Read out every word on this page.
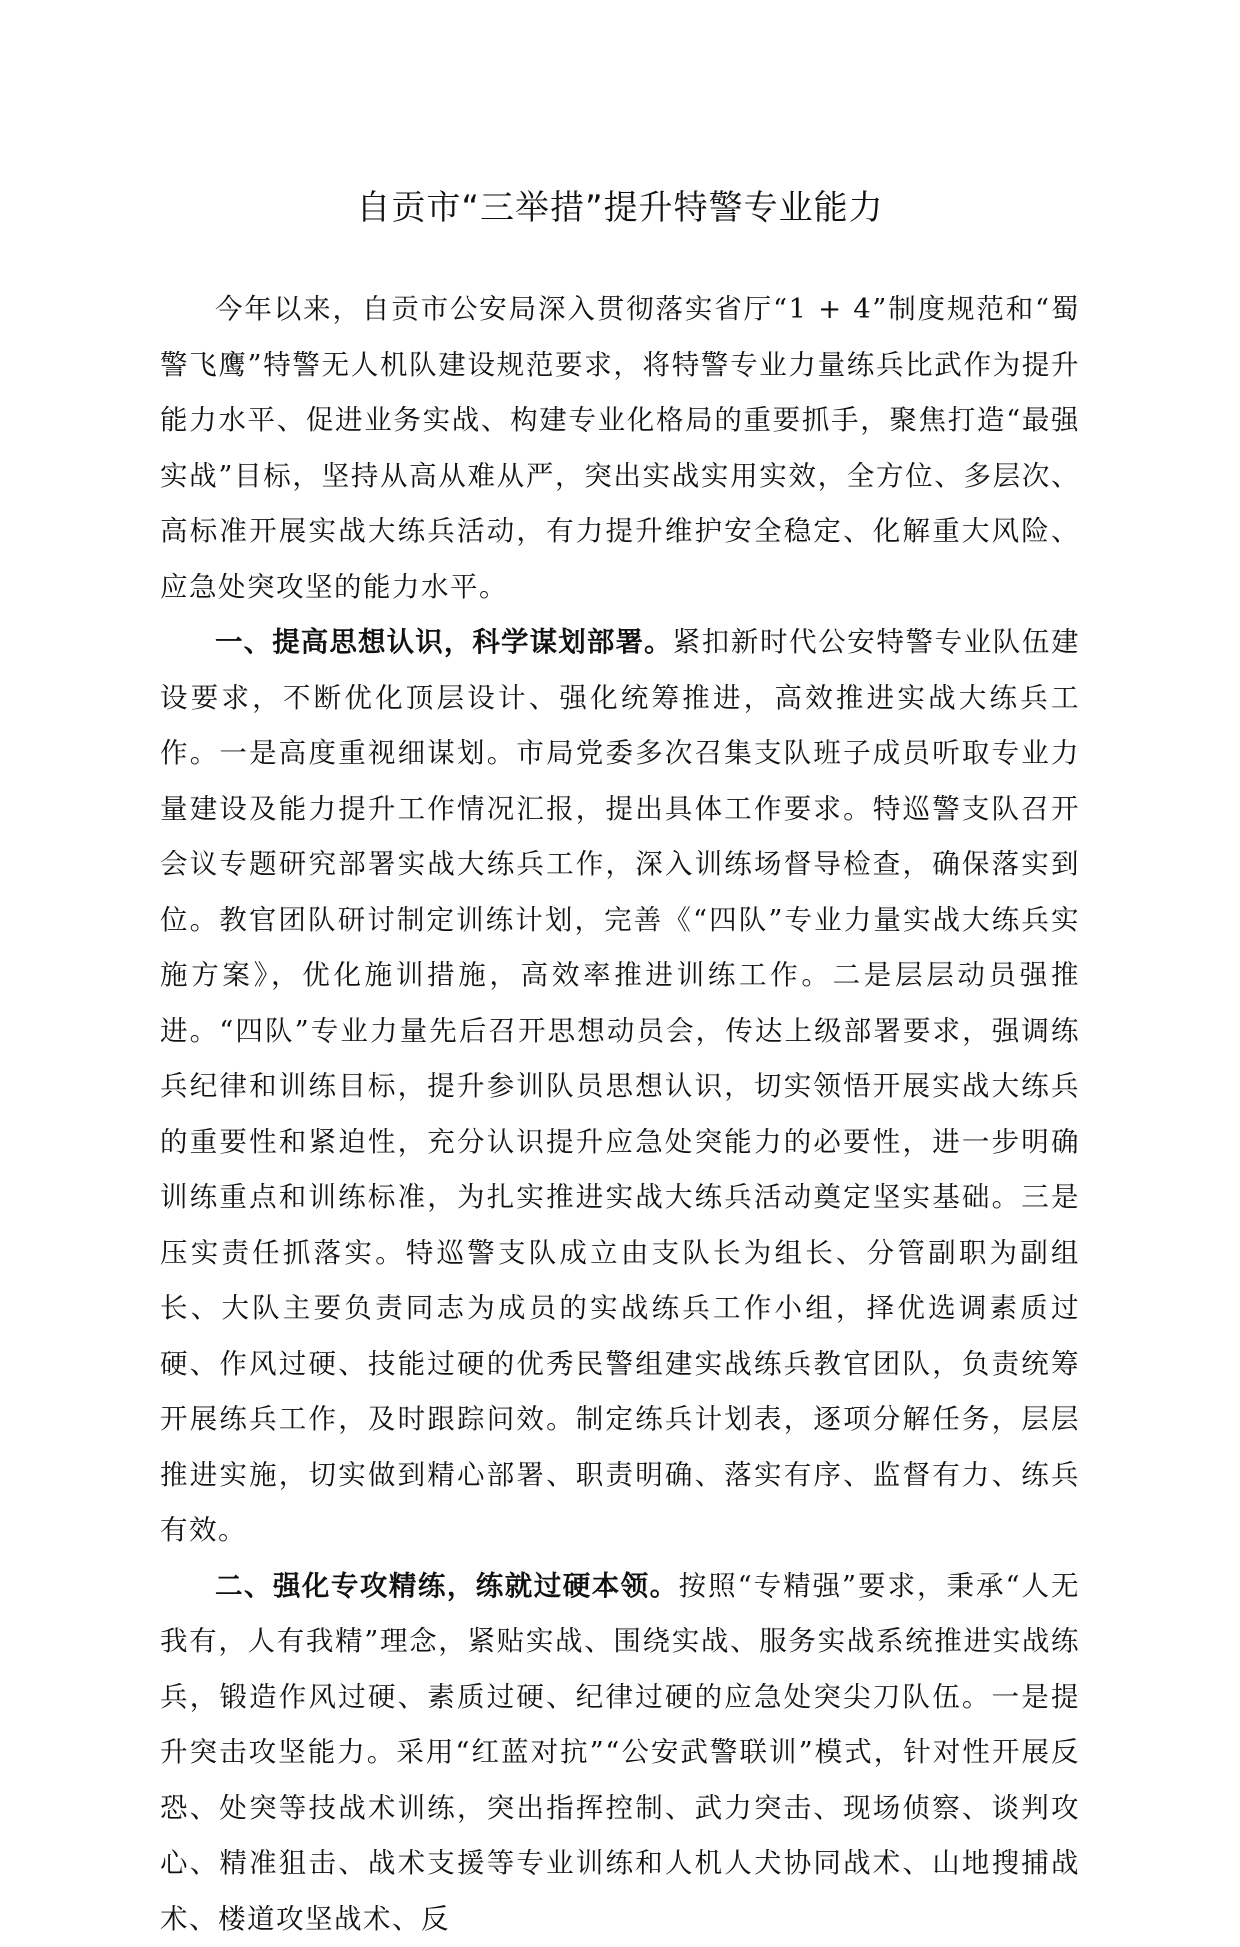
自贡市“三举措”提升特警专业能力

今年以来，自贡市公安局深入贯彻落实省厅“1 + 4”制度规范和“蜀警飞鹰”特警无人机队建设规范要求，将特警专业力量练兵比武作为提升能力水平、促进业务实战、构建专业化格局的重要抓手，聚焦打造“最强实战”目标，坚持从高从难从严，突出实战实用实效，全方位、多层次、高标准开展实战大练兵活动，有力提升维护安全稳定、化解重大风险、应急处突攻坚的能力水平。

一、提高思想认识，科学谋划部署。紧扣新时代公安特警专业队伍建设要求，不断优化顶层设计、强化统筹推进，高效推进实战大练兵工作。一是高度重视细谋划。市局党委多次召集支队班子成员听取专业力量建设及能力提升工作情况汇报，提出具体工作要求。特巡警支队召开会议专题研究部署实战大练兵工作，深入训练场督导检查，确保落实到位。教官团队研讨制定训练计划，完善《“四队”专业力量实战大练兵实施方案》，优化施训措施，高效率推进训练工作。二是层层动员强推进。“四队”专业力量先后召开思想动员会，传达上级部署要求，强调练兵纪律和训练目标，提升参训队员思想认识，切实领悟开展实战大练兵的重要性和紧迫性，充分认识提升应急处突能力的必要性，进一步明确训练重点和训练标准，为扎实推进实战大练兵活动奠定坚实基础。三是压实责任抓落实。特巡警支队成立由支队长为组长、分管副职为副组长、大队主要负责同志为成员的实战练兵工作小组，择优选调素质过硬、作风过硬、技能过硬的优秀民警组建实战练兵教官团队，负责统筹开展练兵工作，及时跟踪问效。制定练兵计划表，逐项分解任务，层层推进实施，切实做到精心部署、职责明确、落实有序、监督有力、练兵有效。

二、强化专攻精练，练就过硬本领。按照“专精强”要求，秉承“人无我有，人有我精”理念，紧贴实战、围绕实战、服务实战系统推进实战练兵，锻造作风过硬、素质过硬、纪律过硬的应急处突尖刀队伍。一是提升突击攻坚能力。采用“红蓝对抗”“公安武警联训”模式，针对性开展反恐、处突等技战术训练，突出指挥控制、武力突击、现场侦察、谈判攻心、精准狙击、战术支援等专业训练和人机人犬协同战术、山地搜捕战术、楼道攻坚战术、反
